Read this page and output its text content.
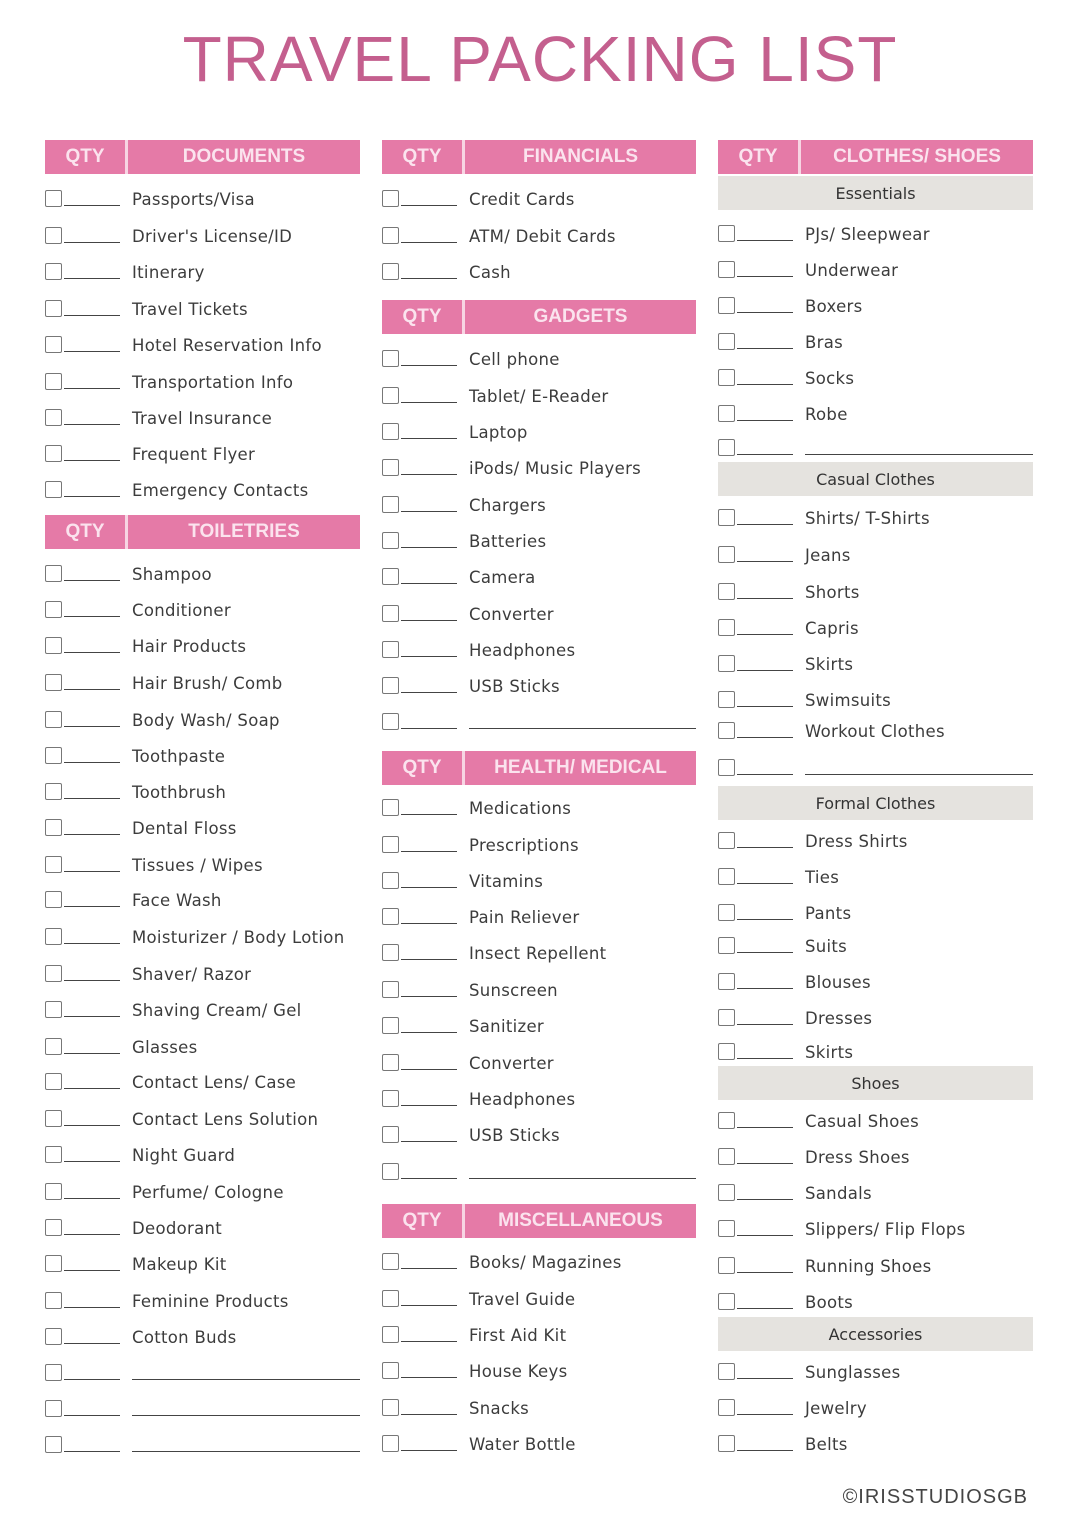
TRAVEL PACKING LIST
QTY	DOCUMENTS
Passports/Visa
Driver's License/ID
Itinerary
Travel Tickets
Hotel Reservation Info
Transportation Info
Travel Insurance
Frequent Flyer
Emergency Contacts
QTY	TOILETRIES
Shampoo
Conditioner
Hair Products
Hair Brush/ Comb
Body Wash/ Soap
Toothpaste
Toothbrush
Dental Floss
Tissues / Wipes
Face Wash
Moisturizer / Body Lotion
Shaver/ Razor
Shaving Cream/ Gel
Glasses
Contact Lens/ Case
Contact Lens Solution
Night Guard
Perfume/ Cologne
Deodorant
Makeup Kit
Feminine Products
Cotton Buds
QTY	FINANCIALS
Credit Cards
ATM/ Debit Cards
Cash
QTY	GADGETS
Cell phone
Tablet/ E-Reader
Laptop
iPods/ Music Players
Chargers
Batteries
Camera
Converter
Headphones
USB Sticks
QTY	HEALTH/ MEDICAL
Medications
Prescriptions
Vitamins
Pain Reliever
Insect Repellent
Sunscreen
Sanitizer
Converter
Headphones
USB Sticks
QTY	MISCELLANEOUS
Books/ Magazines
Travel Guide
First Aid Kit
House Keys
Snacks
Water Bottle
QTY	CLOTHES/ SHOES
Essentials
PJs/ Sleepwear
Underwear
Boxers
Bras
Socks
Robe
Casual Clothes
Shirts/ T-Shirts
Jeans
Shorts
Capris
Skirts
Swimsuits
Workout Clothes
Formal Clothes
Dress Shirts
Ties
Pants
Suits
Blouses
Dresses
Skirts
Shoes
Casual Shoes
Dress Shoes
Sandals
Slippers/ Flip Flops
Running Shoes
Boots
Accessories
Sunglasses
Jewelry
Belts
©IRISSTUDIOSGB
